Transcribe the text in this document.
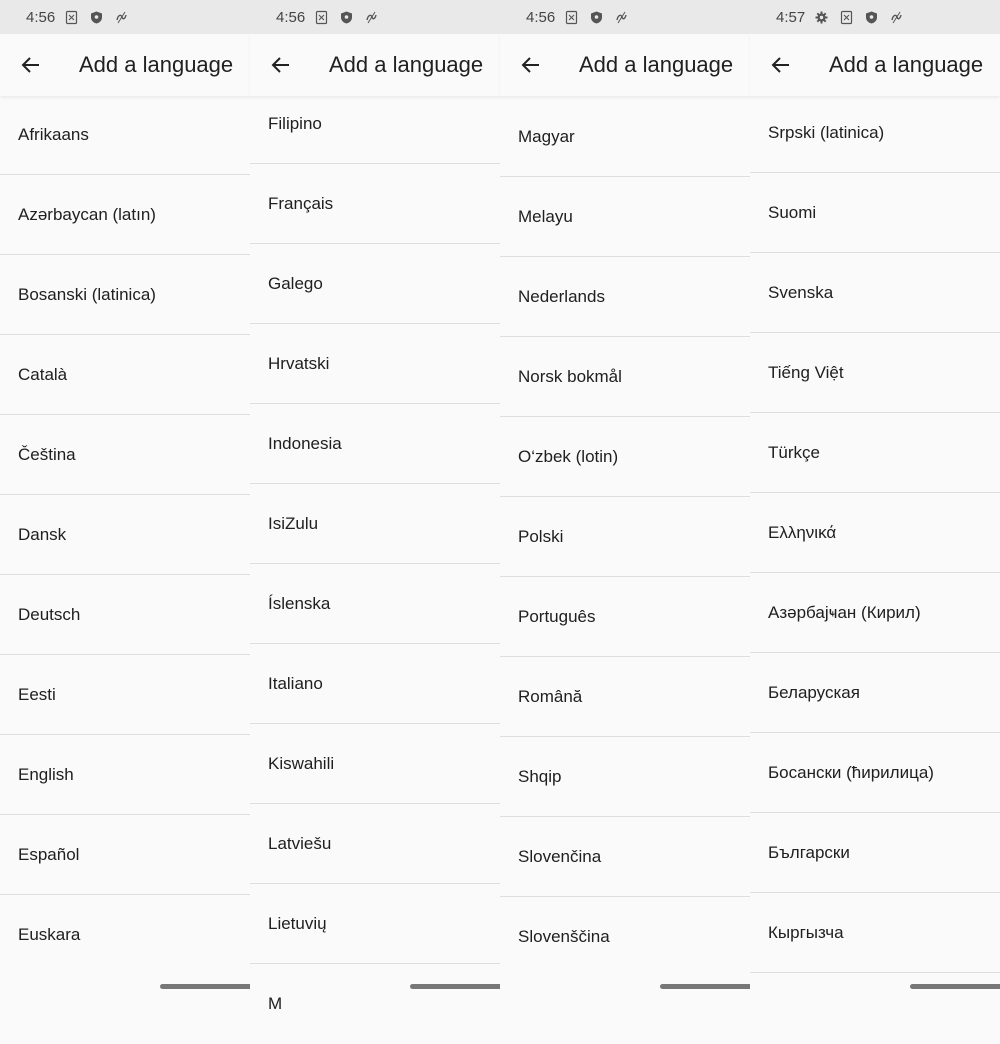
4:56
Add a language
Afrikaans
Azərbaycan (latın)
Bosanski (latinica)
Català
Čeština
Dansk
Deutsch
Eesti
English
Español
Euskara
4:56
Add a language
Filipino
Français
Galego
Hrvatski
Indonesia
IsiZulu
Íslenska
Italiano
Kiswahili
Latviešu
Lietuvių
M
4:56
Add a language
Magyar
Melayu
Nederlands
Norsk bokmål
O‘zbek (lotin)
Polski
Português
Română
Shqip
Slovenčina
Slovenščina
4:57
Add a language
Srpski (latinica)
Suomi
Svenska
Tiếng Việt
Türkçe
Ελληνικά
Азәрбајҹан (Кирил)
Беларуская
Босански (ћирилица)
Български
Кыргызча
